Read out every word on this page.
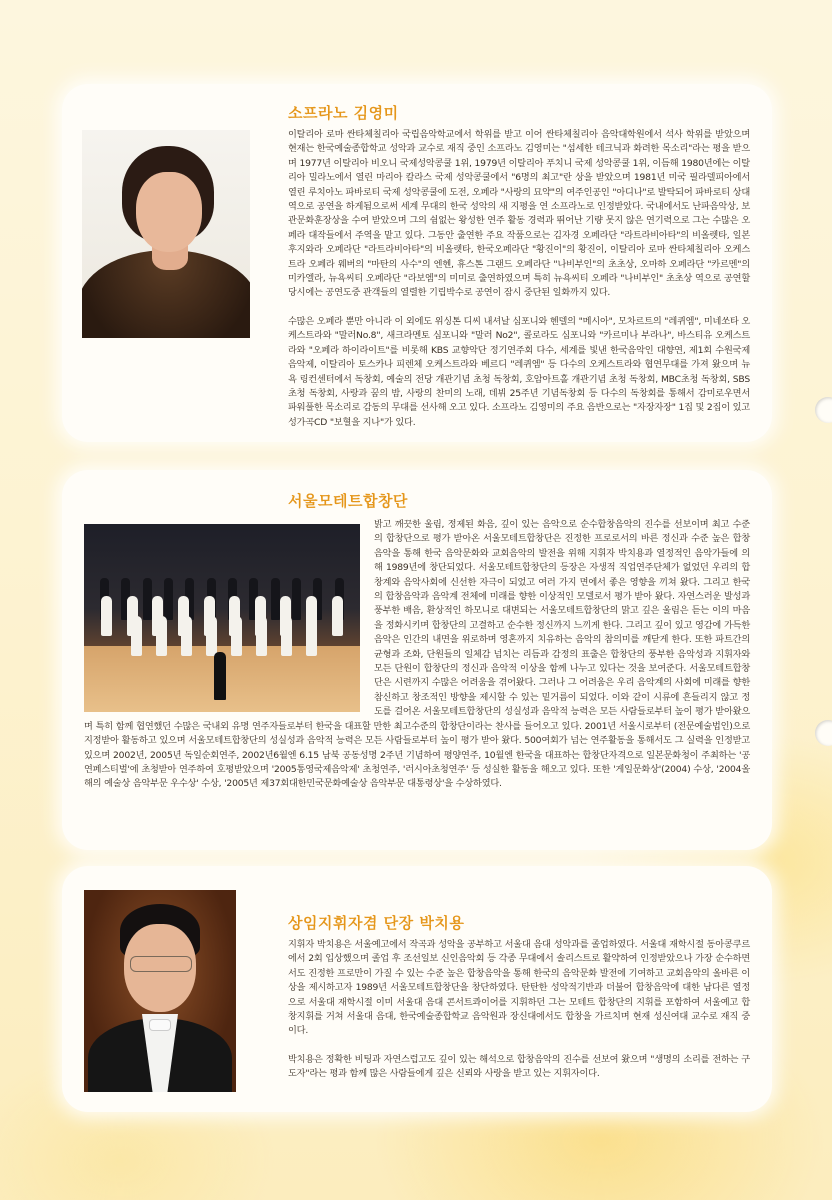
소프라노 김영미

이탈리아 로마 싼타체칠리아 국립음악학교에서 학위를 받고 이어 싼타체칠리아 음악대학원에서 석사 학위를 받았으며 현재는 한국예술종합학교 성악과 교수로 재직 중인 소프라노 김영미는 "섬세한 테크닉과 화려한 목소리"라는 평을 받으며 1977년 이탈리아 비오니 국제성악콩쿨 1위, 1979년 이탈리아 푸치니 국제 성악콩쿨 1위, 이듬해 1980년에는 이탈리아 밀라노에서 열린 마리아 칼라스 국제 성악콩쿨에서 "6명의 최고"란 상을 받았으며 1981년 미국 필라델피아에서 열린 루치아노 파바로티 국제 성악콩쿨에 도전, 오페라 "사랑의 묘약"의 여주인공인 "아디나"로 발탁되어 파바로티 상대역으로 공연을 하게됨으로써 세계 무대의 한국 성악의 새 지평을 연 소프라노로 인정받았다. 국내에서도 난파음악상, 보관문화훈장상을 수여 받았으며 그의 쉼없는 왕성한 연주 활동 경력과 뛰어난 기량 못지 않은 연기력으로 그는 수많은 오페라 대작들에서 주역을 맡고 있다. 그동안 출연한 주요 작품으로는 김자경 오페라단 "라트라비아타"의 비올렛타, 일본 후지와라 오페라단 "라트라비아타"의 비올렛타, 한국오페라단 "황진이"의 황진이, 이탈리아 로마 싼타체칠리아 오케스트라 오페라 웨버의 "마탄의 사수"의 엔헨, 휴스톤 그랜드 오페라단 "나비부인"의 초초상, 오마하 오페라단 "카르멘"의 미카엘라, 뉴욕씨티 오페라단 "라보엠"의 미미로 출연하였으며 특히 뉴욕씨티 오페라 "나비부인" 초초상 역으로 공연할 당시에는 공연도중 관객들의 열렬한 기립박수로 공연이 잠시 중단된 일화까지 있다.

수많은 오페라 뿐만 아니라 이 외에도 위싱톤 디씨 내셔날 심포니와 헨델의 "메시아", 모차르트의 "레퀴엠", 미네쏘타 오케스트라와 "말러No.8", 새크라멘토 심포니와 "말러 No2", 콜로라도 심포니와 "카르미나 부라나", 바스티유 오케스트라와 "오페라 하이라이트"를 비롯해 KBS 교향악단 정기연주회 다수, 세계를 빛낸 한국음악인 대향연, 제1회 수원국제음악제, 이탈리아 토스카나 피렌체 오케스트라와 베르디 "레퀴엠" 등 다수의 오케스트라와 협연무대를 가져 왔으며 뉴욕 링컨센터에서 독창회, 예술의 전당 개관기념 초청 독창회, 호암아트홀 개관기념 초청 독창회, MBC초청 독창회, SBS 초청 독창회, 사랑과 꿈의 밤, 사랑의 찬미의 노래, 데뷔 25주년 기념독창회 등 다수의 독창회를 통해서 감미로우면서 파워풀한 목소리로 감동의 무대를 선사해 오고 있다. 소프라노 김영미의 주요 음반으로는 "자장자장" 1집 및 2집이 있고 성가곡CD "보혈을 지나"가 있다.

서울모테트합창단

밝고 깨끗한 울림, 정제된 화음, 깊이 있는 음악으로 순수합창음악의 진수를 선보이며 최고 수준의 합창단으로 평가 받아온 서울모테트합창단은 진정한 프로로서의 바른 정신과 수준 높은 합창음악을 통해 한국 음악문화와 교회음악의 발전을 위해 지휘자 박치용과 열정적인 음악가들에 의해 1989년에 창단되었다. 서울모테트합창단의 등장은 자생적 직업연주단체가 없었던 우리의 합창계와 음악사회에 신선한 자극이 되었고 여러 가지 면에서 좋은 영향을 끼쳐 왔다. 그리고 한국의 합창음악과 음악계 전체에 미래를 향한 이상적인 모델로서 평가 받아 왔다. 자연스러운 발성과 풍부한 배음, 환상적인 하모니로 대변되는 서울모테트합창단의 맑고 깊은 울림은 듣는 이의 마음을 정화시키며 합창단의 고결하고 순수한 정신까지 느끼게 한다. 그리고 깊이 있고 영감에 가득한 음악은 인간의 내면을 위로하며 영혼까지 치유하는 음악의 참의미를 깨닫게 한다. 또한 파트간의 균형과 조화, 단원들의 일체감 넘치는 리듬과 감정의 표출은 합창단의 풍부한 음악성과 지휘자와 모든 단원이 합창단의 정신과 음악적 이상을 함께 나누고 있다는 것을 보여준다. 서울모테트합창단은 시련까지 수많은 어려움을 겪어왔다. 그러나 그 어려움은 우리 음악계의 사회에 미래를 향한 참신하고 창조적인 방향을 제시할 수 있는 밑거름이 되었다. 이와 같이 시류에 흔들리지 않고 정도를 걸어온 서울모테트합창단의 성실성과 음악적 능력은 모든 사람들로부터 높이 평가 받아왔으며 특히 함께 협연했던 수많은 국내외 유명 연주자들로부터 한국을 대표할 만한 최고수준의 합창단이라는 찬사를 들어오고 있다. 2001년 서울시로부터 (전문예술법인)으로 지정받아 활동하고 있으며 서울모테트합창단의 성실성과 음악적 능력은 모든 사람들로부터 높이 평가 받아 왔다. 500여회가 넘는 연주활동을 통해서도 그 실력을 인정받고 있으며 2002년, 2005년 독일순회연주, 2002년6월엔 6.15 남북 공동성명 2주년 기념하여 평양연주, 10월엔 한국을 대표하는 합창단자격으로 일본문화청이 주최하는 '공연페스티벌'에 초청받아 연주하여 호평받았으며 '2005통영국제음악제' 초청연주, '러시아초청연주' 등 성실한 활동을 해오고 있다. 또한 '게일문화상'(2004) 수상, '2004올해의 예술상 음악부문 우수상' 수상, '2005년 제37회대한민국문화예술상 음악부문 대통령상'을 수상하였다.

상임지휘자겸 단장 박치용

지휘자 박치용은 서울예고에서 작곡과 성악을 공부하고 서울대 음대 성악과를 졸업하였다. 서울대 재학시절 동아콩쿠르에서 2회 입상했으며 졸업 후 조선일보 신인음악회 등 각종 무대에서 솔리스트로 활약하여 인정받았으나 가장 순수하면서도 진정한 프로만이 가질 수 있는 수준 높은 합창음악을 통해 한국의 음악문화 발전에 기여하고 교회음악의 올바른 이상을 제시하고자 1989년 서울모테트합창단을 창단하였다. 탄탄한 성악적기반과 더불어 합창음악에 대한 남다른 열정으로 서울대 재학시절 이미 서울대 음대 콘서트콰이어를 지휘하던 그는 모테트 합창단의 지휘를 포함하여 서울예고 합창지휘를 거쳐 서울대 음대, 한국예술종합학교 음악원과 장신대에서도 합창을 가르치며 현재 성신여대 교수로 재직 중이다.

박치용은 정확한 비팅과 자연스럽고도 깊이 있는 해석으로 합창음악의 진수를 선보여 왔으며 "생명의 소리를 전하는 구도자"라는 평과 함께 많은 사람들에게 깊은 신뢰와 사랑을 받고 있는 지휘자이다.
